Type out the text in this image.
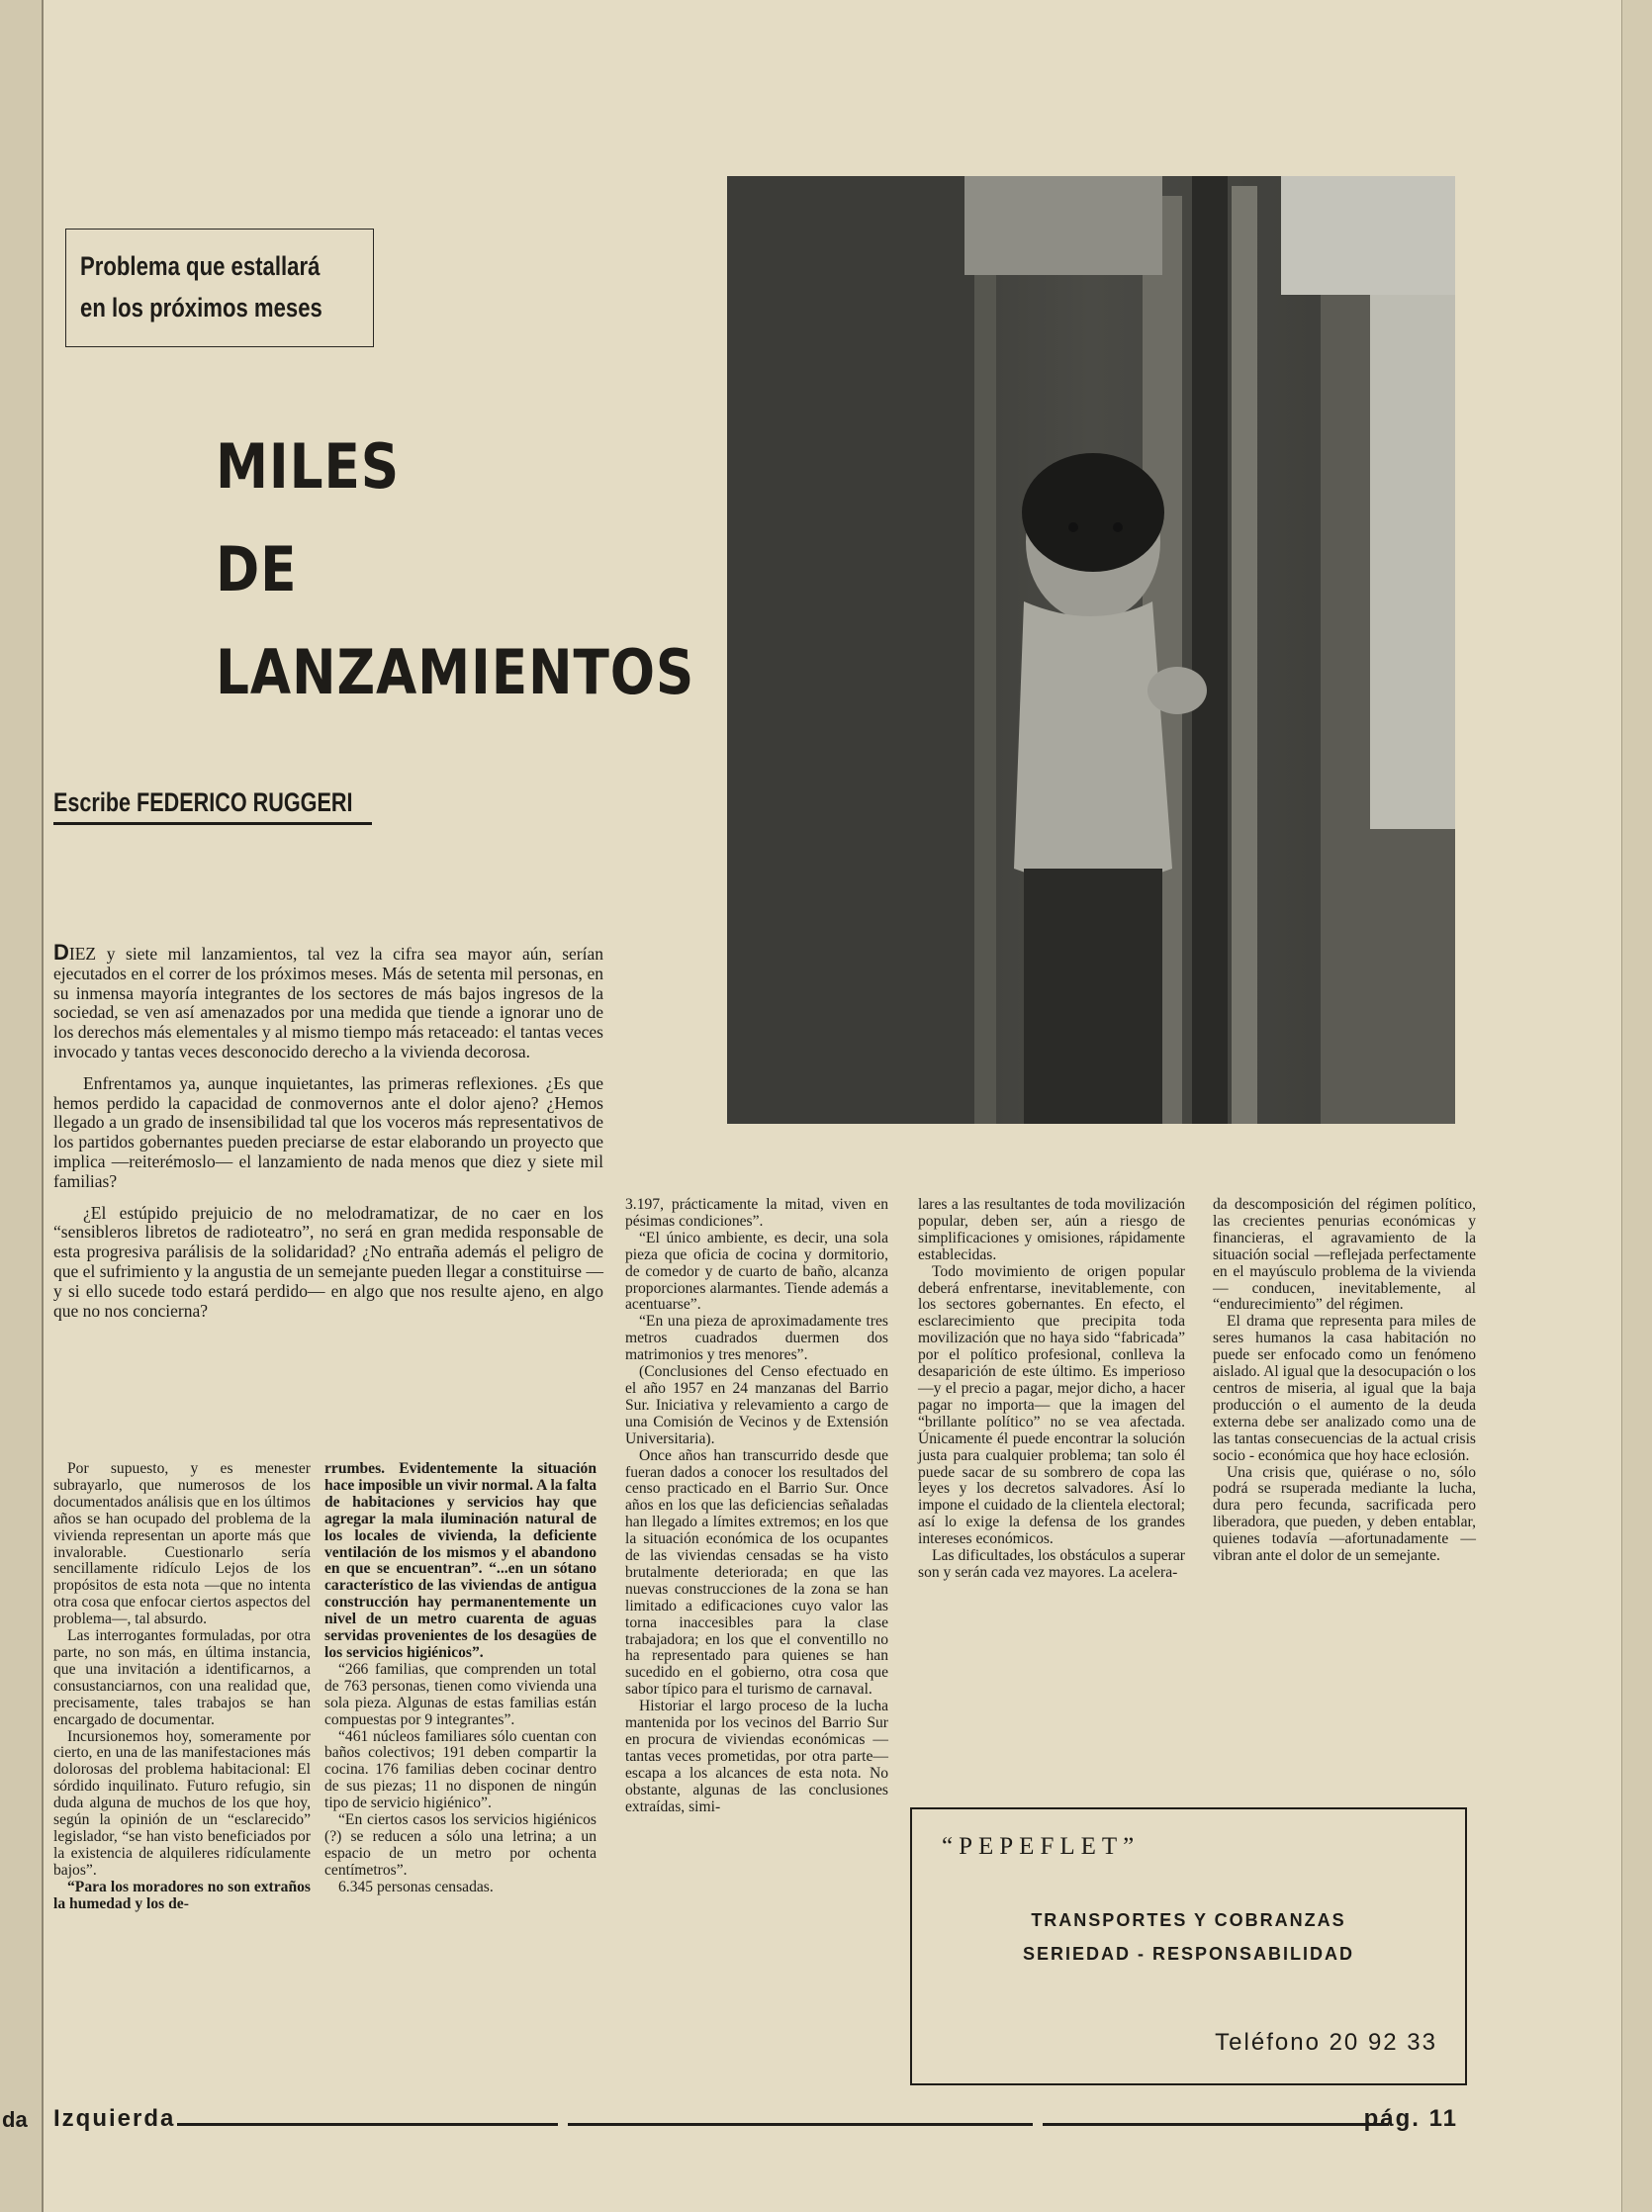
da
Problema que estallará
en los próximos meses
MILES
DE
LANZAMIENTOS
Escribe FEDERICO RUGGERI

DIEZ y siete mil lanzamientos, tal vez la cifra sea mayor aún, serían ejecutados en el correr de los próximos meses. Más de setenta mil personas, en su inmensa mayoría integrantes de los sectores de más bajos ingresos de la sociedad, se ven así amenazados por una medida que tiende a ignorar uno de los derechos más elementales y al mismo tiempo más retaceado: el tantas veces invocado y tantas veces desconocido derecho a la vivienda decorosa.

Enfrentamos ya, aunque inquietantes, las primeras reflexiones. ¿Es que hemos perdido la capacidad de conmovernos ante el dolor ajeno? ¿Hemos llegado a un grado de insensibilidad tal que los voceros más representativos de los partidos gobernantes pueden preciarse de estar elaborando un proyecto que implica —reiterémoslo— el lanzamiento de nada menos que diez y siete mil familias?

¿El estúpido prejuicio de no melodramatizar, de no caer en los “sensibleros libretos de radioteatro”, no será en gran medida responsable de esta progresiva parálisis de la solidaridad? ¿No entraña además el peligro de que el sufrimiento y la angustia de un semejante pueden llegar a constituirse —y si ello sucede todo estará perdido— en algo que nos resulte ajeno, en algo que no nos concierna?

Por supuesto, y es menester subrayarlo, que numerosos de los documentados análisis que en los últimos años se han ocupado del problema de la vivienda representan un aporte más que invalorable. Cuestionarlo sería sencillamente ridículo Lejos de los propósitos de esta nota —que no intenta otra cosa que enfocar ciertos aspectos del problema—, tal absurdo.

Las interrogantes formuladas, por otra parte, no son más, en última instancia, que una invitación a identificarnos, a consustanciarnos, con una realidad que, precisamente, tales trabajos se han encargado de documentar.

Incursionemos hoy, someramente por cierto, en una de las manifestaciones más dolorosas del problema habitacional: El sórdido inquilinato. Futuro refugio, sin duda alguna de muchos de los que hoy, según la opinión de un “esclarecido” legislador, “se han visto beneficiados por la existencia de alquileres ridículamente bajos”.

“Para los moradores no son extraños la humedad y los de-

rrumbes. Evidentemente la situación hace imposible un vivir normal. A la falta de habitaciones y servicios hay que agregar la mala iluminación natural de los locales de vivienda, la deficiente ventilación de los mismos y el abandono en que se encuentran”. “...en un sótano característico de las viviendas de antigua construcción hay permanentemente un nivel de un metro cuarenta de aguas servidas provenientes de los desagües de los servicios higiénicos”.

“266 familias, que comprenden un total de 763 personas, tienen como vivienda una sola pieza. Algunas de estas familias están compuestas por 9 integrantes”.

“461 núcleos familiares sólo cuentan con baños colectivos; 191 deben compartir la cocina. 176 familias deben cocinar dentro de sus piezas; 11 no disponen de ningún tipo de servicio higiénico”.

“En ciertos casos los servicios higiénicos (?) se reducen a sólo una letrina; a un espacio de un metro por ochenta centímetros”.

6.345 personas censadas.

3.197, prácticamente la mitad, viven en pésimas condiciones”.

“El único ambiente, es decir, una sola pieza que oficia de cocina y dormitorio, de comedor y de cuarto de baño, alcanza proporciones alarmantes. Tiende además a acentuarse”.

“En una pieza de aproximadamente tres metros cuadrados duermen dos matrimonios y tres menores”.

(Conclusiones del Censo efectuado en el año 1957 en 24 manzanas del Barrio Sur. Iniciativa y relevamiento a cargo de una Comisión de Vecinos y de Extensión Universitaria).

Once años han transcurrido desde que fueran dados a conocer los resultados del censo practicado en el Barrio Sur. Once años en los que las deficiencias señaladas han llegado a límites extremos; en los que la situación económica de los ocupantes de las viviendas censadas se ha visto brutalmente deteriorada; en que las nuevas construcciones de la zona se han limitado a edificaciones cuyo valor las torna inaccesibles para la clase trabajadora; en los que el conventillo no ha representado para quienes se han sucedido en el gobierno, otra cosa que sabor típico para el turismo de carnaval.

Historiar el largo proceso de la lucha mantenida por los vecinos del Barrio Sur en procura de viviendas económicas —tantas veces prometidas, por otra parte— escapa a los alcances de esta nota. No obstante, algunas de las conclusiones extraídas, simi-

lares a las resultantes de toda movilización popular, deben ser, aún a riesgo de simplificaciones y omisiones, rápidamente establecidas.

Todo movimiento de origen popular deberá enfrentarse, inevitablemente, con los sectores gobernantes. En efecto, el esclarecimiento que precipita toda movilización que no haya sido “fabricada” por el político profesional, conlleva la desaparición de este último. Es imperioso —y el precio a pagar, mejor dicho, a hacer pagar no importa— que la imagen del “brillante político” no se vea afectada. Únicamente él puede encontrar la solución justa para cualquier problema; tan solo él puede sacar de su sombrero de copa las leyes y los decretos salvadores. Así lo impone el cuidado de la clientela electoral; así lo exige la defensa de los grandes intereses económicos.

Las dificultades, los obstáculos a superar son y serán cada vez mayores. La acelera-

da descomposición del régimen político, las crecientes penurias económicas y financieras, el agravamiento de la situación social —reflejada perfectamente en el mayúsculo problema de la vivienda— conducen, inevitablemente, al “endurecimiento” del régimen.

El drama que representa para miles de seres humanos la casa habitación no puede ser enfocado como un fenómeno aislado. Al igual que la desocupación o los centros de miseria, al igual que la baja producción o el aumento de la deuda externa debe ser analizado como una de las tantas consecuencias de la actual crisis socio - económica que hoy hace eclosión.

Una crisis que, quiérase o no, sólo podrá se rsuperada mediante la lucha, dura pero fecunda, sacrificada pero liberadora, que pueden, y deben entablar, quienes todavía —afortunadamente — vibran ante el dolor de un semejante.

“PEPEFLET”
TRANSPORTES Y COBRANZAS
SERIEDAD - RESPONSABILIDAD
Teléfono 20 92 33
Izquierda	pág. 11
